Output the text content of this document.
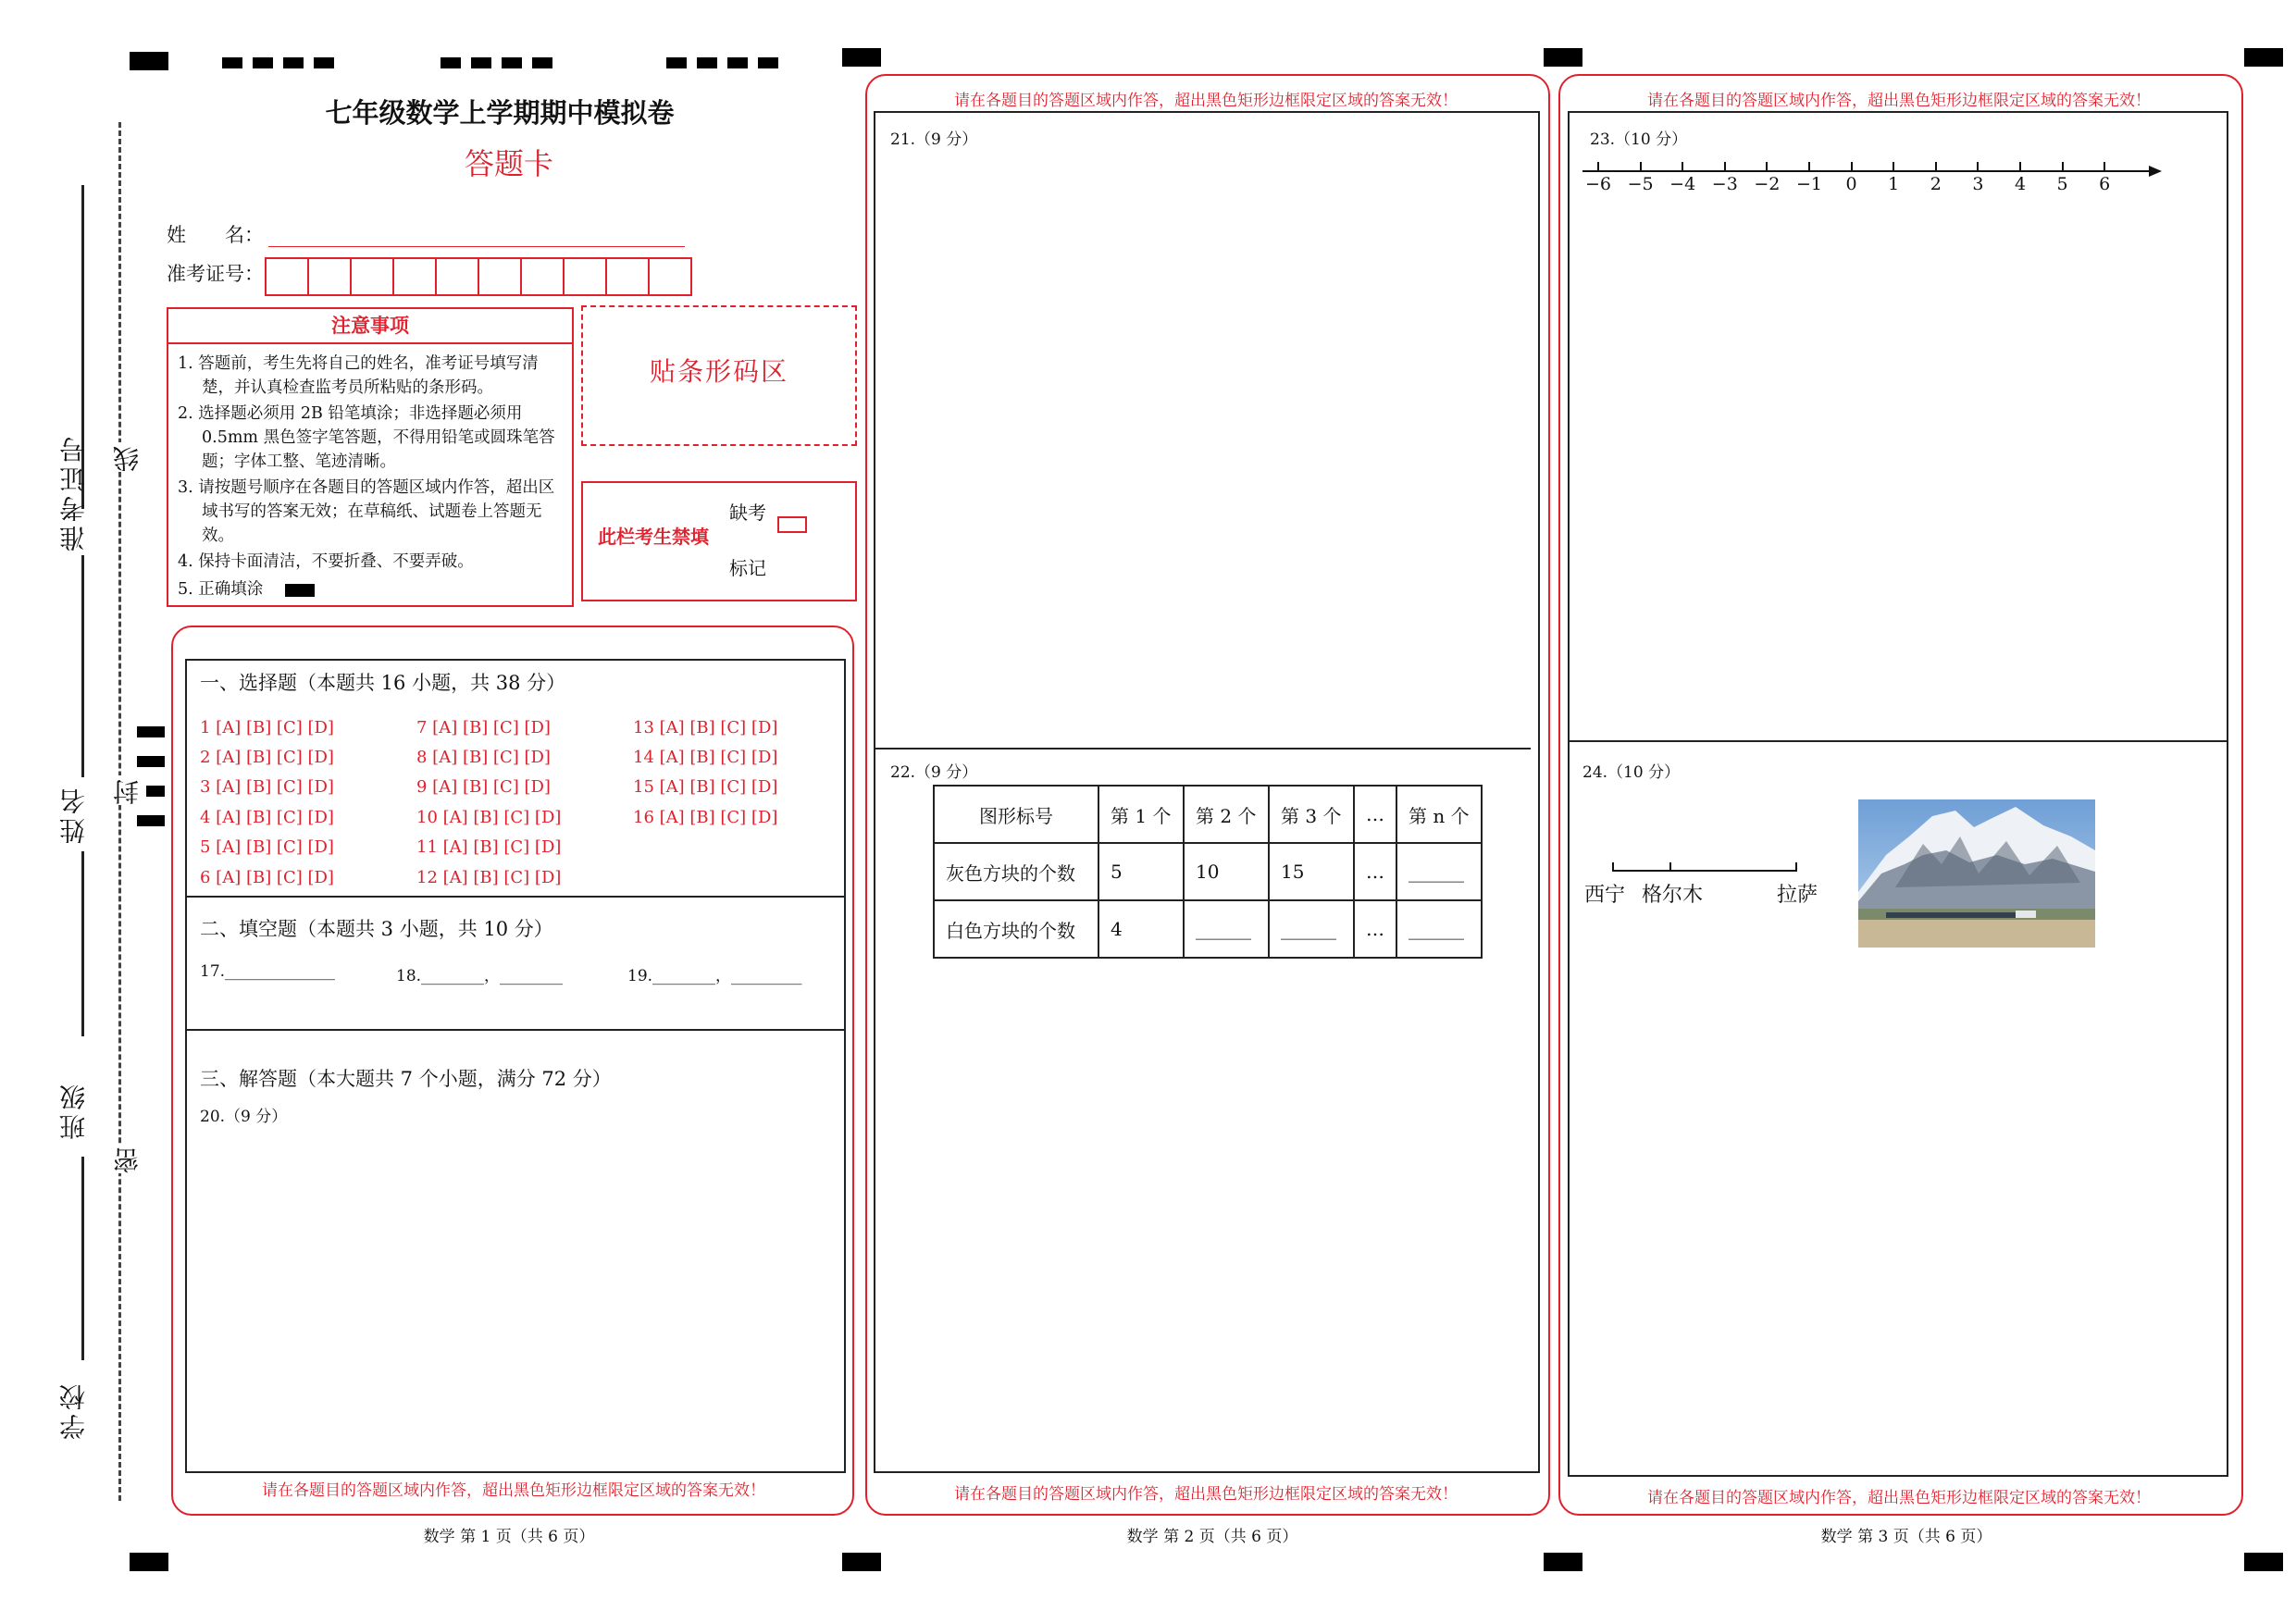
准考证号 线
姓名 封
班级
密
学校
七年级数学上学期期中模拟卷
答题卡
姓　　名：
准考证号：
注意事项
1. 答题前，考生先将自己的姓名，准考证号填写清楚，并认真检查监考员所粘贴的条形码。
2. 选择题必须用 2B 铅笔填涂；非选择题必须用 0.5mm 黑色签字笔答题，不得用铅笔或圆珠笔答题；字体工整、笔迹清晰。
3. 请按题号顺序在各题目的答题区域内作答，超出区域书写的答案无效；在草稿纸、试题卷上答题无效。
4. 保持卡面清洁，不要折叠、不要弄破。
5. 正确填涂
贴条形码区
此栏考生禁填
缺考
标记
一、选择题（本题共 16 小题，共 38 分）
1 [A] [B] [C] [D]
2 [A] [B] [C] [D]
3 [A] [B] [C] [D]
4 [A] [B] [C] [D]
5 [A] [B] [C] [D]
6 [A] [B] [C] [D]
7 [A] [B] [C] [D]
8 [A] [B] [C] [D]
9 [A] [B] [C] [D]
10 [A] [B] [C] [D]
11 [A] [B] [C] [D]
12 [A] [B] [C] [D]
13 [A] [B] [C] [D]
14 [A] [B] [C] [D]
15 [A] [B] [C] [D]
16 [A] [B] [C] [D]
二、填空题（本题共 3 小题，共 10 分）
17.______________	18.________，________	19.________，_________
三、解答题（本大题共 7 个小题，满分 72 分）
20.（9 分）
请在各题目的答题区域内作答，超出黑色矩形边框限定区域的答案无效！
数学 第 1 页（共 6 页）
请在各题目的答题区域内作答，超出黑色矩形边框限定区域的答案无效！
21.（9 分）
22.（9 分）
图形标号	第 1 个	第 2 个	第 3 个	…	第 n 个
灰色方块的个数	5	10	15	…	______
白色方块的个数	4	______	______	…	______
请在各题目的答题区域内作答，超出黑色矩形边框限定区域的答案无效！
数学 第 2 页（共 6 页）
请在各题目的答题区域内作答，超出黑色矩形边框限定区域的答案无效！
23.（10 分）
−6 −5 −4 −3 −2 −1 0 1 2 3 4 5 6
24.（10 分）
西宁 格尔木	拉萨
请在各题目的答题区域内作答，超出黑色矩形边框限定区域的答案无效！
数学 第 3 页（共 6 页）
